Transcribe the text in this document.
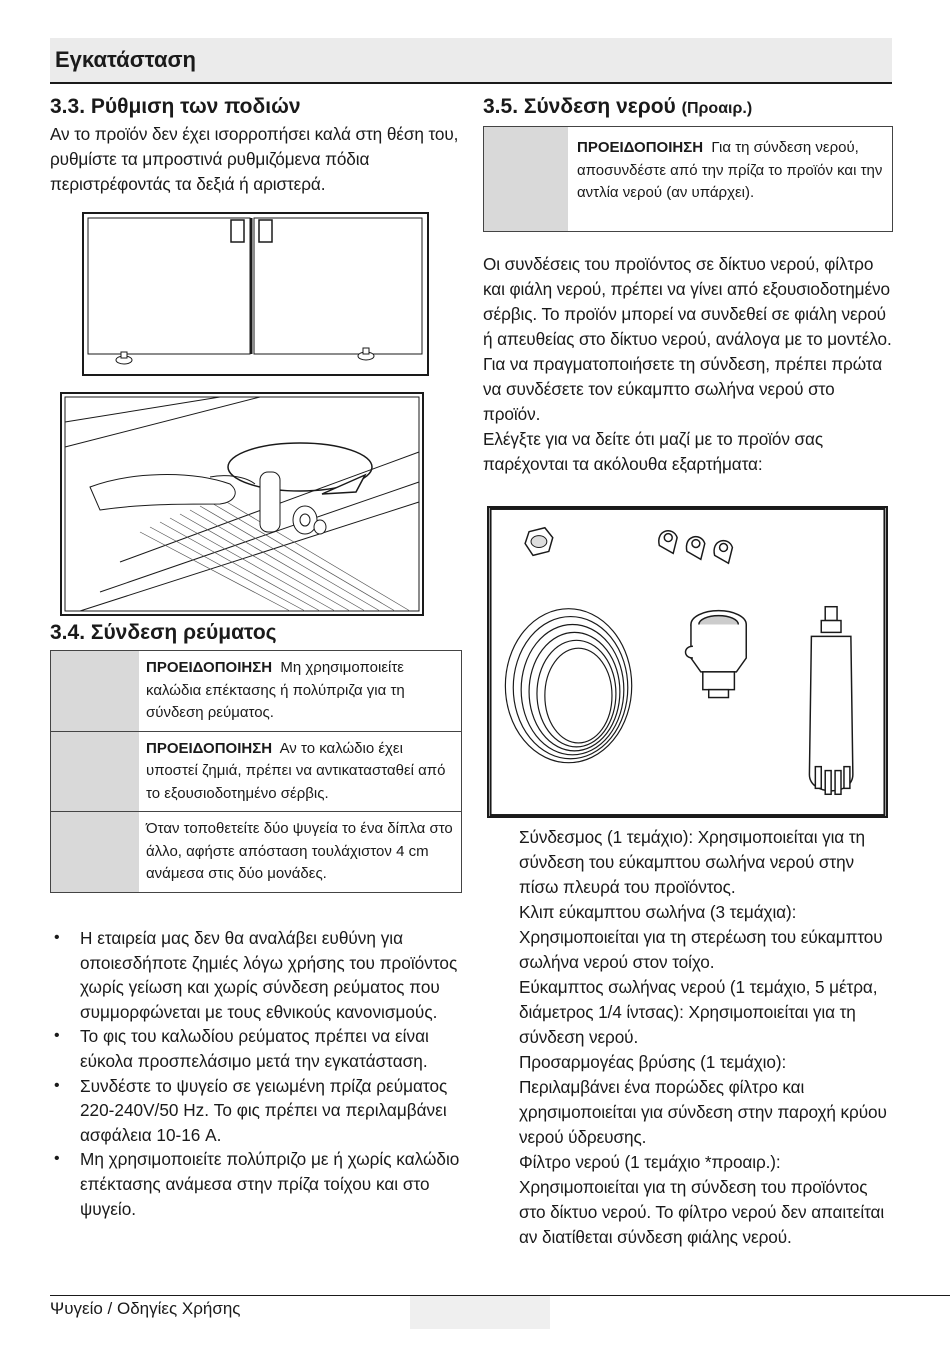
Εγκατάσταση
3.3. Ρύθμιση των ποδιών

Αν το προϊόν δεν έχει ισορροπήσει καλά στη θέση του, ρυθμίστε τα μπροστινά ρυθμιζόμενα πόδια περιστρέφοντάς τα δεξιά ή αριστερά.

3.4. Σύνδεση ρεύματος
ΠΡΟΕΙΔΟΠΟΙΗΣΗ Μη χρησιμοποιείτε καλώδια επέκτασης ή πολύπριζα για τη σύνδεση ρεύματος.
ΠΡΟΕΙΔΟΠΟΙΗΣΗ Αν το καλώδιο έχει υποστεί ζημιά, πρέπει να αντικατασταθεί από το εξουσιοδοτημένο σέρβις.
Όταν τοποθετείτε δύο ψυγεία το ένα δίπλα στο άλλο, αφήστε απόσταση τουλάχιστον 4 cm ανάμεσα στις δύο μονάδες.
• Η εταιρεία μας δεν θα αναλάβει ευθύνη για οποιεσδήποτε ζημιές λόγω χρήσης του προϊόντος χωρίς γείωση και χωρίς σύνδεση ρεύματος που συμμορφώνεται με τους εθνικούς κανονισμούς.
• Το φις του καλωδίου ρεύματος πρέπει να είναι εύκολα προσπελάσιμο μετά την εγκατάσταση.
• Συνδέστε το ψυγείο σε γειωμένη πρίζα ρεύματος 220-240V/50 Hz. Το φις πρέπει να περιλαμβάνει ασφάλεια 10-16 A.
• Μη χρησιμοποιείτε πολύπριζο με ή χωρίς καλώδιο επέκτασης ανάμεσα στην πρίζα τοίχου και στο ψυγείο.
3.5. Σύνδεση νερού (Προαιρ.)
ΠΡΟΕΙΔΟΠΟΙΗΣΗ Για τη σύνδεση νερού, αποσυνδέστε από την πρίζα το προϊόν και την αντλία νερού (αν υπάρχει).

Οι συνδέσεις του προϊόντος σε δίκτυο νερού, φίλτρο και φιάλη νερού, πρέπει να γίνει από εξουσιοδοτημένο σέρβις. Το προϊόν μπορεί να συνδεθεί σε φιάλη νερού ή απευθείας στο δίκτυο νερού, ανάλογα με το μοντέλο. Για να πραγματοποιήσετε τη σύνδεση, πρέπει πρώτα να συνδέσετε τον εύκαμπτο σωλήνα νερού στο προϊόν.

Ελέγξτε για να δείτε ότι μαζί με το προϊόν σας παρέχονται τα ακόλουθα εξαρτήματα:

Σύνδεσμος (1 τεμάχιο): Χρησιμοποιείται για τη σύνδεση του εύκαμπτου σωλήνα νερού στην πίσω πλευρά του προϊόντος.

Κλιπ εύκαμπτου σωλήνα (3 τεμάχια): Χρησιμοποιείται για τη στερέωση του εύκαμπτου σωλήνα νερού στον τοίχο.

Εύκαμπτος σωλήνας νερού (1 τεμάχιο, 5 μέτρα, διάμετρος 1/4 ίντσας): Χρησιμοποιείται για τη σύνδεση νερού.

Προσαρμογέας βρύσης (1 τεμάχιο): Περιλαμβάνει ένα πορώδες φίλτρο και χρησιμοποιείται για σύνδεση στην παροχή κρύου νερού ύδρευσης.

Φίλτρο νερού (1 τεμάχιο *προαιρ.): Χρησιμοποιείται για τη σύνδεση του προϊόντος στο δίκτυο νερού. Το φίλτρο νερού δεν απαιτείται αν διατίθεται σύνδεση φιάλης νερού.

Ψυγείο / Οδηγίες Χρήσης
